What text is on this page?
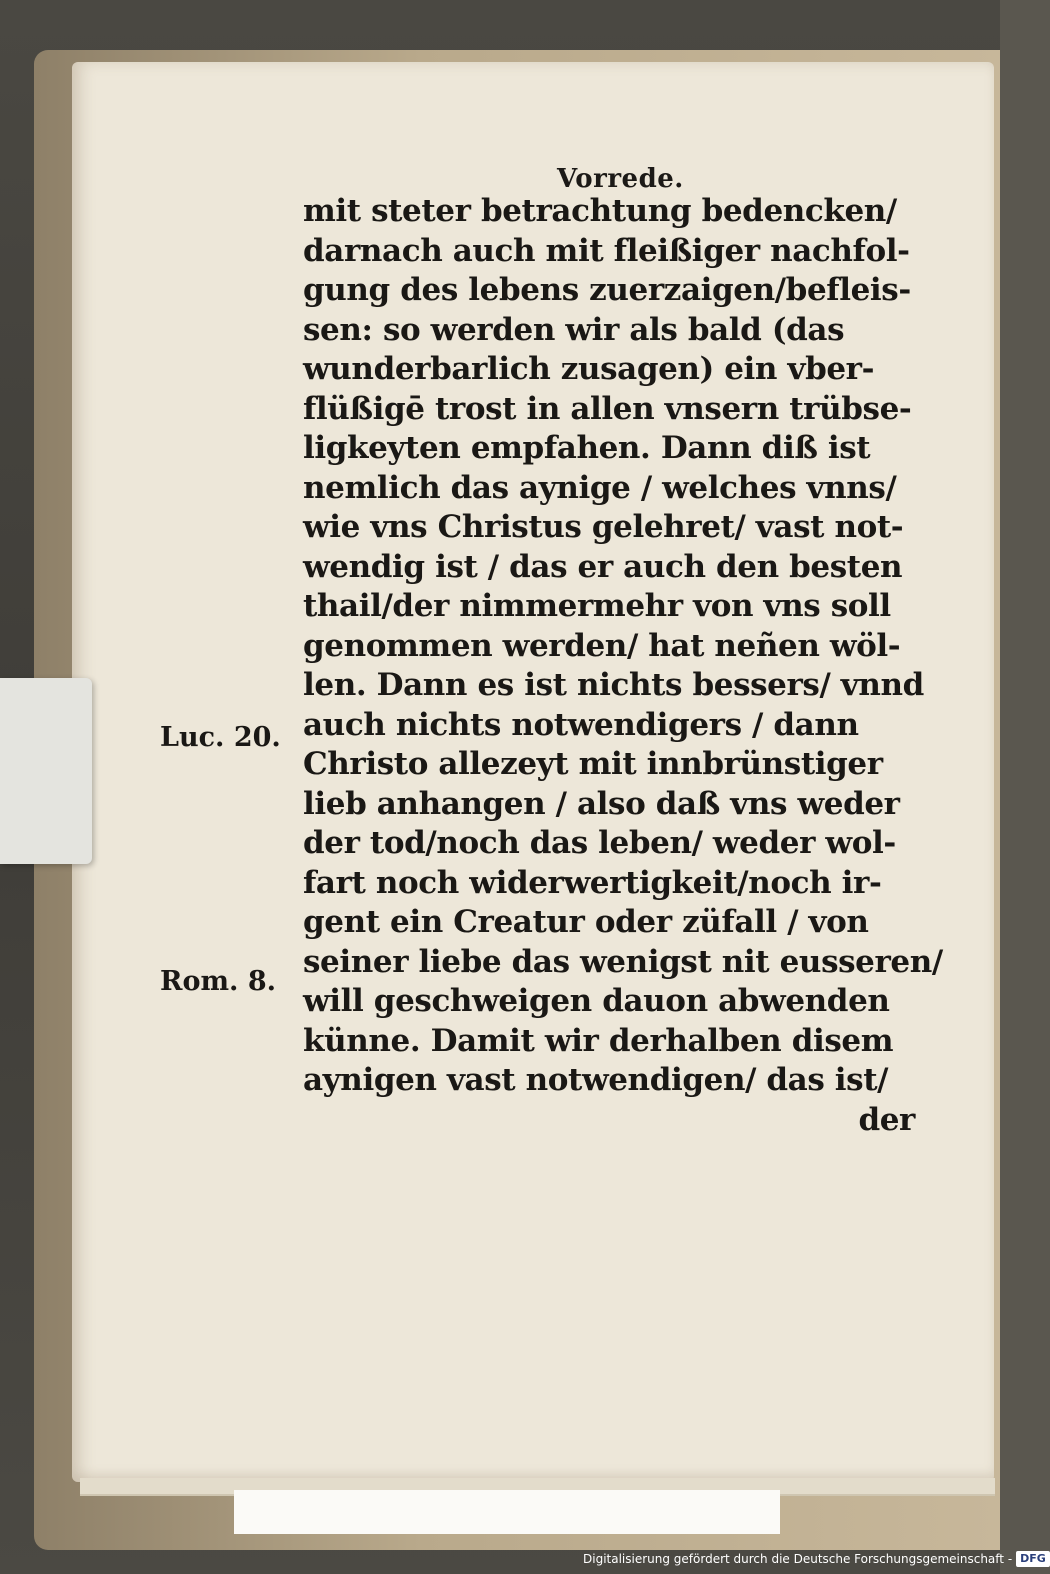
Vorrede.
Luc. 20.
Rom. 8.
mit steter betrachtung bedencken/
darnach auch mit fleißiger nachfol-
gung des lebens zuerzaigen/befleis-
sen: so werden wir als bald (das
wunderbarlich zusagen) ein vber-
flüßigē trost in allen vnsern trübse-
ligkeyten empfahen. Dann diß ist
nemlich das aynige / welches vnns/
wie vns Christus gelehret/ vast not-
wendig ist / das er auch den besten
thail/der nimmermehr von vns soll
genommen werden/ hat neñen wöl-
len. Dann es ist nichts bessers/ vnnd
auch nichts notwendigers / dann
Christo allezeyt mit innbrünstiger
lieb anhangen / also daß vns weder
der tod/noch das leben/ weder wol-
fart noch widerwertigkeit/noch ir-
gent ein Creatur oder züfall / von
seiner liebe das wenigst nit eusseren/
will geschweigen dauon abwenden
künne. Damit wir derhalben disem
aynigen vast notwendigen/ das ist/
der
Digitalisierung gefördert durch die Deutsche Forschungsgemeinschaft - DFG
